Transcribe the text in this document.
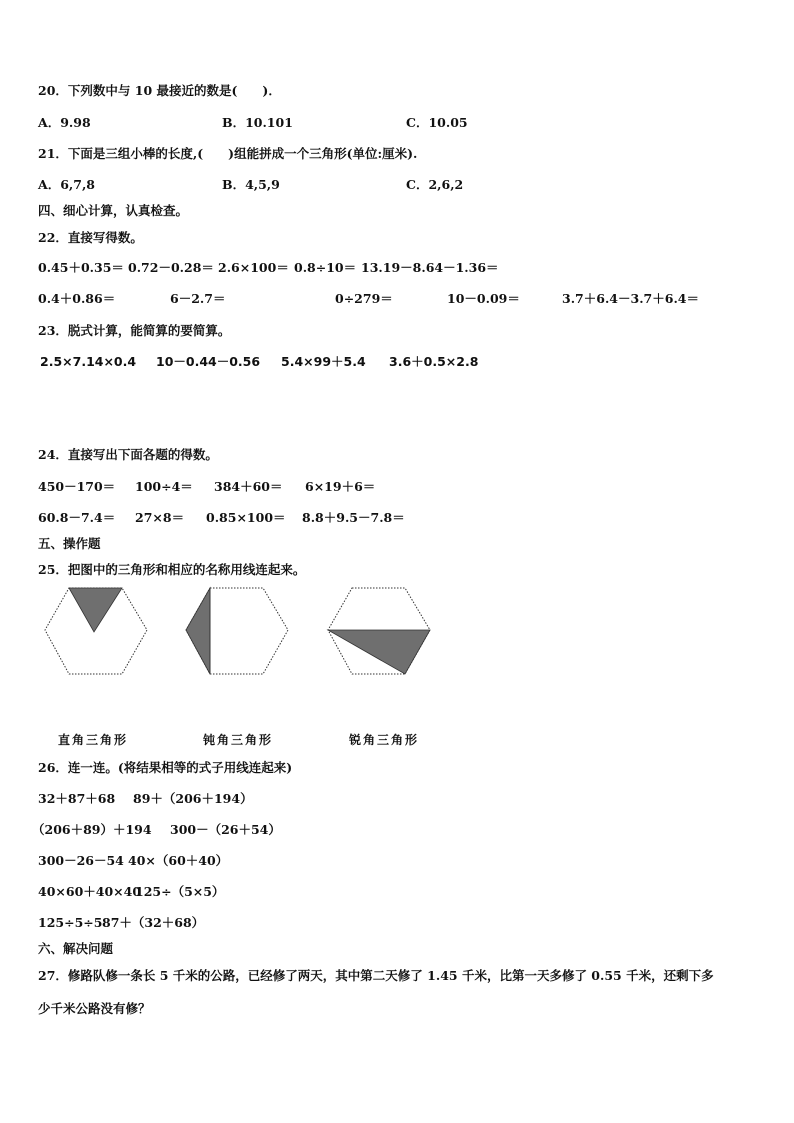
20．下列数中与 10 最接近的数是(　　)．
A．9.98	B．10.101	C．10.05
21．下面是三组小棒的长度,(　　)组能拼成一个三角形(单位:厘米).
A．6,7,8	B．4,5,9	C．2,6,2
四、细心计算，认真检查。
22．直接写得数。
0.45＋0.35＝ 0.72－0.28＝ 2.6×100＝ 0.8÷10＝ 13.19－8.64－1.36＝
0.4＋0.86＝	6－2.7＝	0÷279＝	10－0.09＝	3.7＋6.4－3.7＋6.4＝
23．脱式计算，能简算的要简算。
2.5×7.14×0.4 10－0.44－0.56 5.4×99＋5.4 3.6＋0.5×2.8
24．直接写出下面各题的得数。
450－170＝ 100÷4＝ 384＋60＝ 6×19＋6＝
60.8－7.4＝ 27×8＝ 0.85×100＝ 8.8＋9.5－7.8＝
五、操作题
25．把图中的三角形和相应的名称用线连起来。
直角三角形	钝角三角形	锐角三角形
26．连一连。(将结果相等的式子用线连起来)
32＋87＋68 89＋（206＋194）
（206＋89）＋194 300－（26＋54）
300－26－54 40×（60＋40）
40×60＋40×40
125÷（5×5）
125÷5÷5 87＋（32＋68）
六、解决问题
27．修路队修一条长 5 千米的公路，已经修了两天，其中第二天修了 1.45 千米，比第一天多修了 0.55 千米，还剩下多
少千米公路没有修？
